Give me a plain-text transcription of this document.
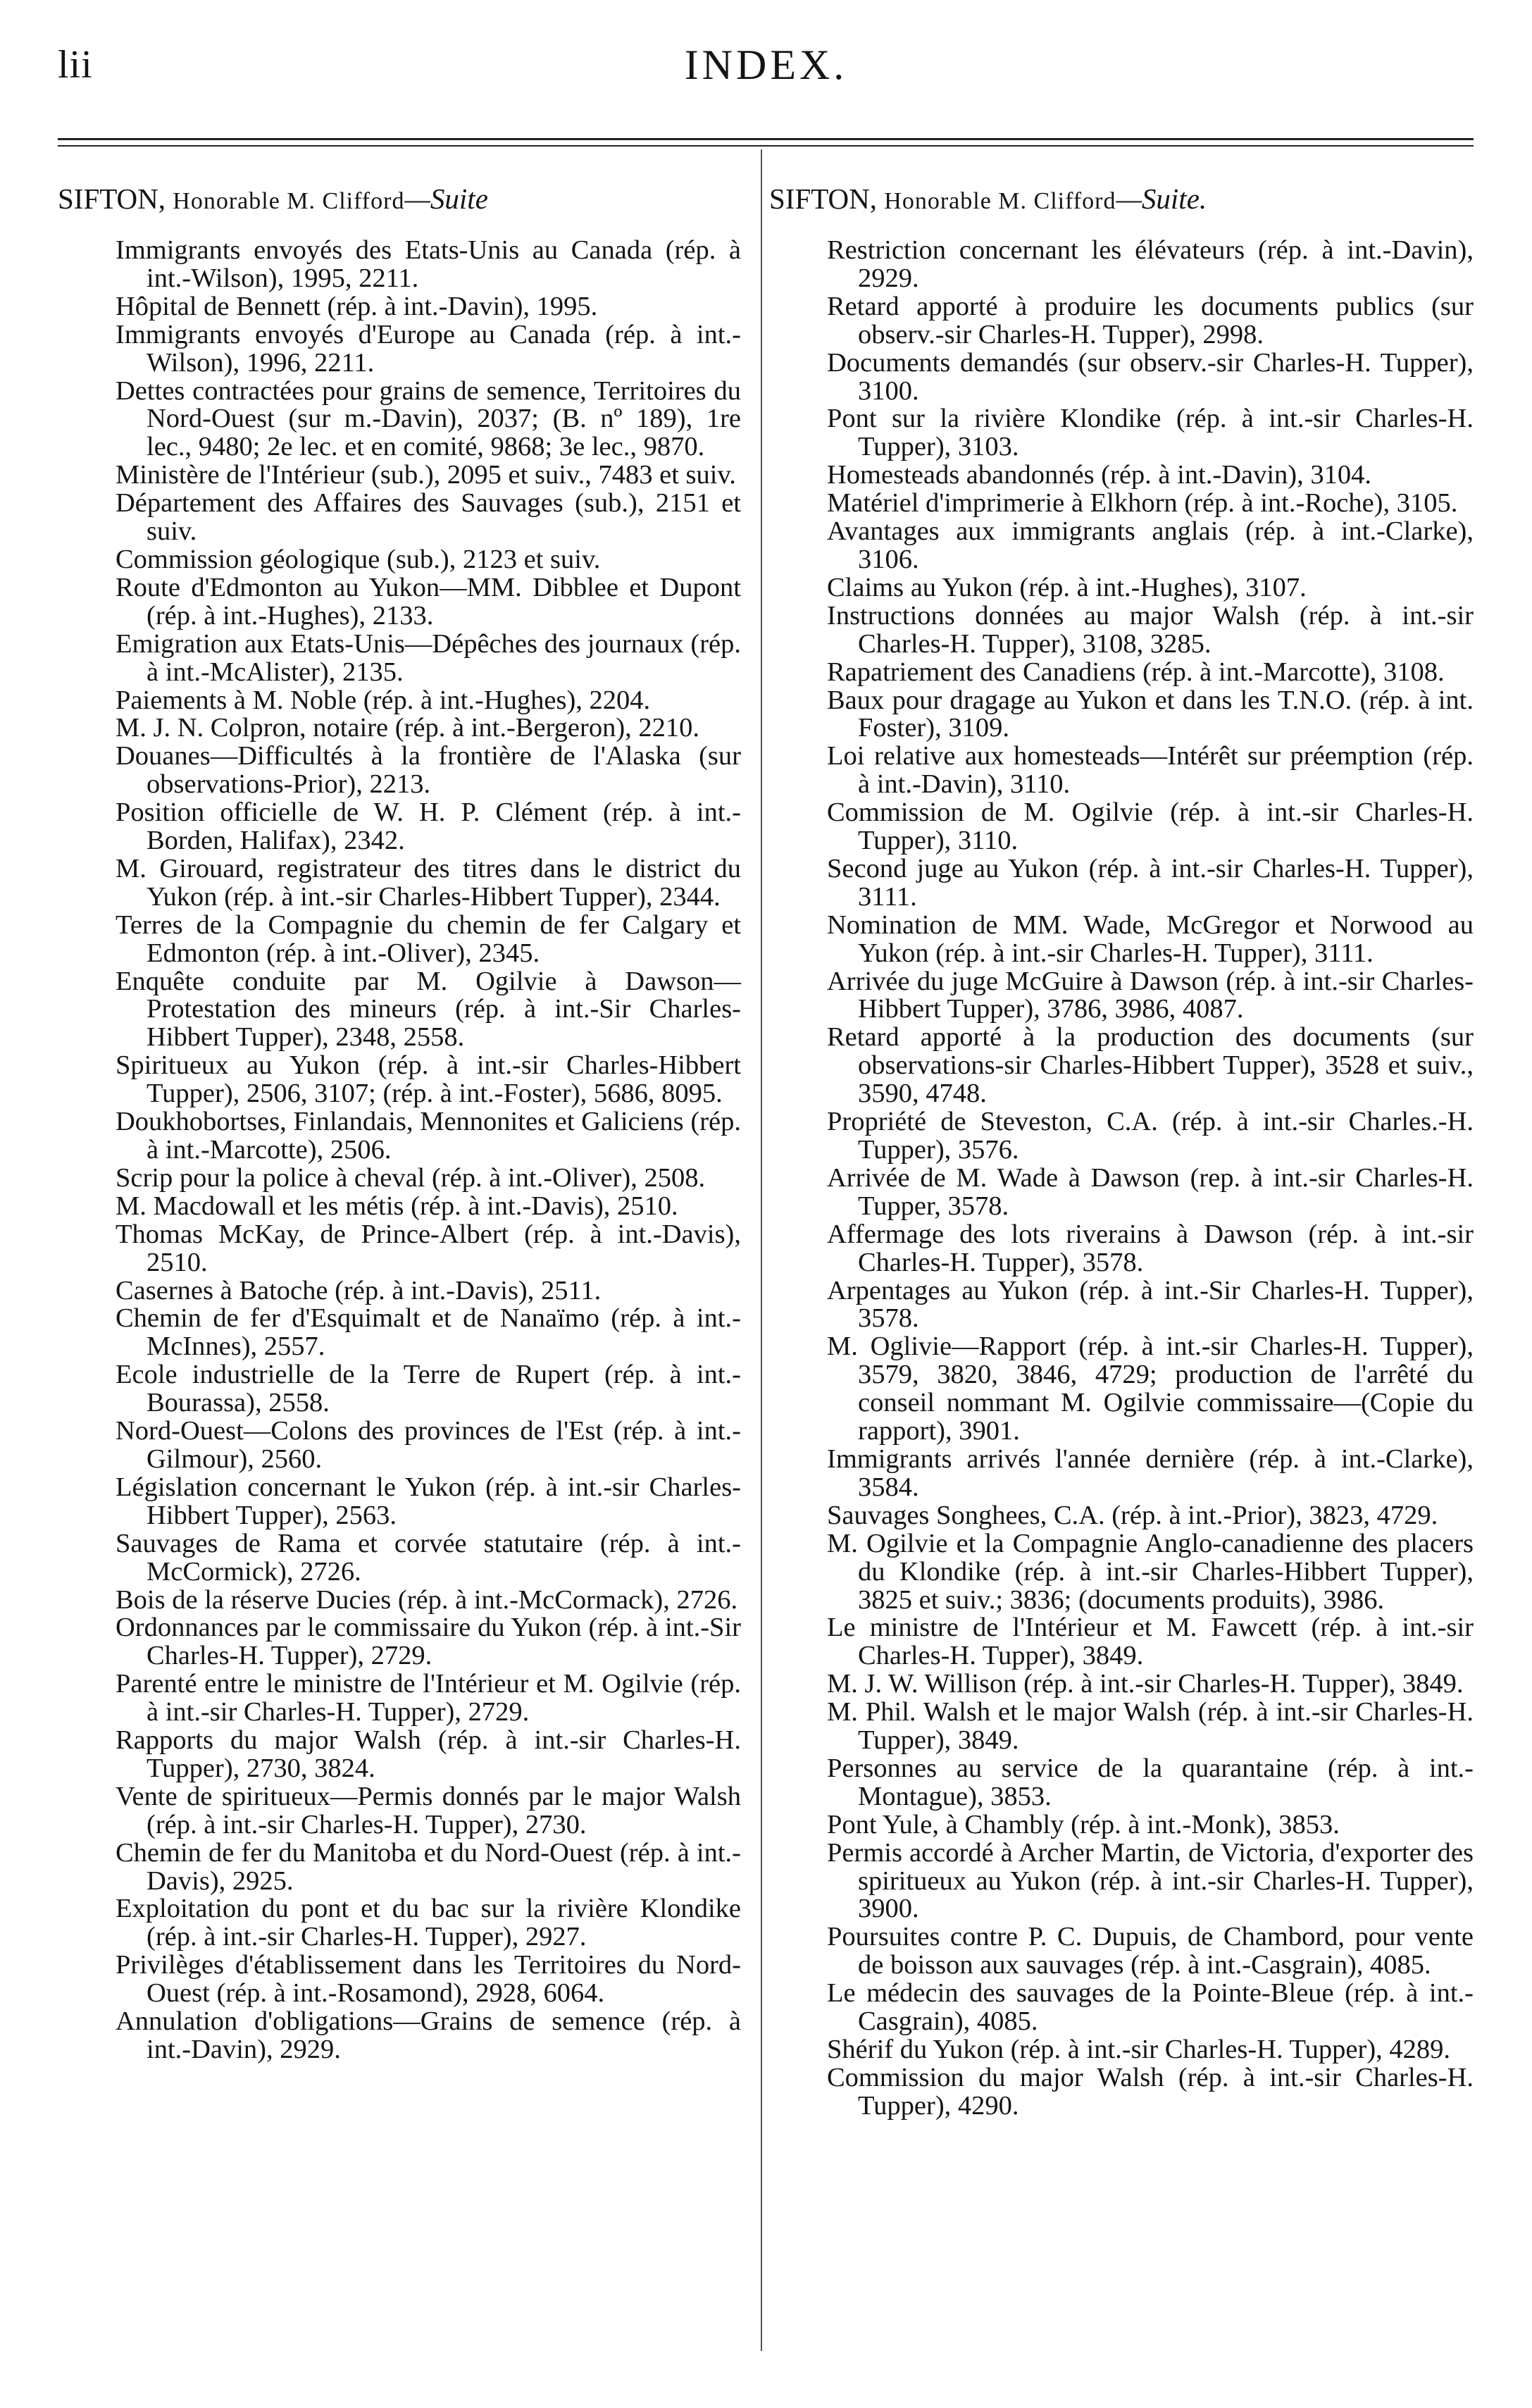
lii	INDEX.
SIFTON, Honorable M. Clifford—Suite

Immigrants envoyés des Etats-Unis au Canada (rép. à int.-Wilson), 1995, 2211.

Hôpital de Bennett (rép. à int.-Davin), 1995.

Immigrants envoyés d'Europe au Canada (rép. à int.-Wilson), 1996, 2211.

Dettes contractées pour grains de semence, Territoires du Nord-Ouest (sur m.-Davin), 2037; (B. nº 189), 1re lec., 9480; 2e lec. et en comité, 9868; 3e lec., 9870.

Ministère de l'Intérieur (sub.), 2095 et suiv., 7483 et suiv.

Département des Affaires des Sauvages (sub.), 2151 et suiv.

Commission géologique (sub.), 2123 et suiv.

Route d'Edmonton au Yukon—MM. Dibblee et Dupont (rép. à int.-Hughes), 2133.

Emigration aux Etats-Unis—Dépêches des journaux (rép. à int.-McAlister), 2135.

Paiements à M. Noble (rép. à int.-Hughes), 2204.

M. J. N. Colpron, notaire (rép. à int.-Bergeron), 2210.

Douanes—Difficultés à la frontière de l'Alaska (sur observations-Prior), 2213.

Position officielle de W. H. P. Clément (rép. à int.-Borden, Halifax), 2342.

M. Girouard, registrateur des titres dans le district du Yukon (rép. à int.-sir Charles-Hibbert Tupper), 2344.

Terres de la Compagnie du chemin de fer Calgary et Edmonton (rép. à int.-Oliver), 2345.

Enquête conduite par M. Ogilvie à Dawson—Protestation des mineurs (rép. à int.-Sir Charles-Hibbert Tupper), 2348, 2558.

Spiritueux au Yukon (rép. à int.-sir Charles-Hibbert Tupper), 2506, 3107; (rép. à int.-Foster), 5686, 8095.

Doukhobortses, Finlandais, Mennonites et Galiciens (rép. à int.-Marcotte), 2506.

Scrip pour la police à cheval (rép. à int.-Oliver), 2508.

M. Macdowall et les métis (rép. à int.-Davis), 2510.

Thomas McKay, de Prince-Albert (rép. à int.-Davis), 2510.

Casernes à Batoche (rép. à int.-Davis), 2511.

Chemin de fer d'Esquimalt et de Nanaïmo (rép. à int.-McInnes), 2557.

Ecole industrielle de la Terre de Rupert (rép. à int.-Bourassa), 2558.

Nord-Ouest—Colons des provinces de l'Est (rép. à int.-Gilmour), 2560.

Législation concernant le Yukon (rép. à int.-sir Charles-Hibbert Tupper), 2563.

Sauvages de Rama et corvée statutaire (rép. à int.-McCormick), 2726.

Bois de la réserve Ducies (rép. à int.-McCormack), 2726.

Ordonnances par le commissaire du Yukon (rép. à int.-Sir Charles-H. Tupper), 2729.

Parenté entre le ministre de l'Intérieur et M. Ogilvie (rép. à int.-sir Charles-H. Tupper), 2729.

Rapports du major Walsh (rép. à int.-sir Charles-H. Tupper), 2730, 3824.

Vente de spiritueux—Permis donnés par le major Walsh (rép. à int.-sir Charles-H. Tupper), 2730.

Chemin de fer du Manitoba et du Nord-Ouest (rép. à int.-Davis), 2925.

Exploitation du pont et du bac sur la rivière Klondike (rép. à int.-sir Charles-H. Tupper), 2927.

Privilèges d'établissement dans les Territoires du Nord-Ouest (rép. à int.-Rosamond), 2928, 6064.

Annulation d'obligations—Grains de semence (rép. à int.-Davin), 2929.

SIFTON, Honorable M. Clifford—Suite.

Restriction concernant les élévateurs (rép. à int.-Davin), 2929.

Retard apporté à produire les documents publics (sur observ.-sir Charles-H. Tupper), 2998.

Documents demandés (sur observ.-sir Charles-H. Tupper), 3100.

Pont sur la rivière Klondike (rép. à int.-sir Charles-H. Tupper), 3103.

Homesteads abandonnés (rép. à int.-Davin), 3104.

Matériel d'imprimerie à Elkhorn (rép. à int.-Roche), 3105.

Avantages aux immigrants anglais (rép. à int.-Clarke), 3106.

Claims au Yukon (rép. à int.-Hughes), 3107.

Instructions données au major Walsh (rép. à int.-sir Charles-H. Tupper), 3108, 3285.

Rapatriement des Canadiens (rép. à int.-Marcotte), 3108.

Baux pour dragage au Yukon et dans les T.N.O. (rép. à int. Foster), 3109.

Loi relative aux homesteads—Intérêt sur préemption (rép. à int.-Davin), 3110.

Commission de M. Ogilvie (rép. à int.-sir Charles-H. Tupper), 3110.

Second juge au Yukon (rép. à int.-sir Charles-H. Tupper), 3111.

Nomination de MM. Wade, McGregor et Norwood au Yukon (rép. à int.-sir Charles-H. Tupper), 3111.

Arrivée du juge McGuire à Dawson (rép. à int.-sir Charles-Hibbert Tupper), 3786, 3986, 4087.

Retard apporté à la production des documents (sur observations-sir Charles-Hibbert Tupper), 3528 et suiv., 3590, 4748.

Propriété de Steveston, C.A. (rép. à int.-sir Charles.-H. Tupper), 3576.

Arrivée de M. Wade à Dawson (rep. à int.-sir Charles-H. Tupper, 3578.

Affermage des lots riverains à Dawson (rép. à int.-sir Charles-H. Tupper), 3578.

Arpentages au Yukon (rép. à int.-Sir Charles-H. Tupper), 3578.

M. Oglivie—Rapport (rép. à int.-sir Charles-H. Tupper), 3579, 3820, 3846, 4729; production de l'arrêté du conseil nommant M. Ogilvie commissaire—(Copie du rapport), 3901.

Immigrants arrivés l'année dernière (rép. à int.-Clarke), 3584.

Sauvages Songhees, C.A. (rép. à int.-Prior), 3823, 4729.

M. Ogilvie et la Compagnie Anglo-canadienne des placers du Klondike (rép. à int.-sir Charles-Hibbert Tupper), 3825 et suiv.; 3836; (documents produits), 3986.

Le ministre de l'Intérieur et M. Fawcett (rép. à int.-sir Charles-H. Tupper), 3849.

M. J. W. Willison (rép. à int.-sir Charles-H. Tupper), 3849.

M. Phil. Walsh et le major Walsh (rép. à int.-sir Charles-H. Tupper), 3849.

Personnes au service de la quarantaine (rép. à int.-Montague), 3853.

Pont Yule, à Chambly (rép. à int.-Monk), 3853.

Permis accordé à Archer Martin, de Victoria, d'exporter des spiritueux au Yukon (rép. à int.-sir Charles-H. Tupper), 3900.

Poursuites contre P. C. Dupuis, de Chambord, pour vente de boisson aux sauvages (rép. à int.-Casgrain), 4085.

Le médecin des sauvages de la Pointe-Bleue (rép. à int.-Casgrain), 4085.

Shérif du Yukon (rép. à int.-sir Charles-H. Tupper), 4289.

Commission du major Walsh (rép. à int.-sir Charles-H. Tupper), 4290.
